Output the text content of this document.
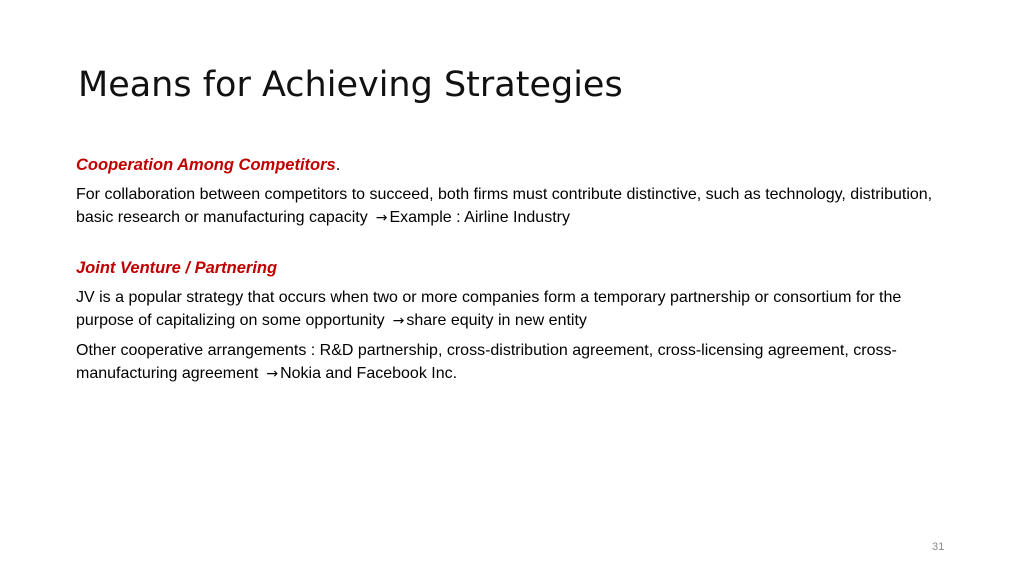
Means for Achieving Strategies
Cooperation Among Competitors.
For collaboration between competitors to succeed, both firms must contribute distinctive, such as technology, distribution, basic research or manufacturing capacity → Example : Airline Industry
Joint Venture / Partnering
JV is a popular strategy that occurs when two or more companies form a temporary partnership or consortium for the purpose of capitalizing on some opportunity → share equity in new entity
Other cooperative arrangements : R&D partnership, cross-distribution agreement, cross-licensing agreement, cross-manufacturing agreement → Nokia and Facebook Inc.
31
